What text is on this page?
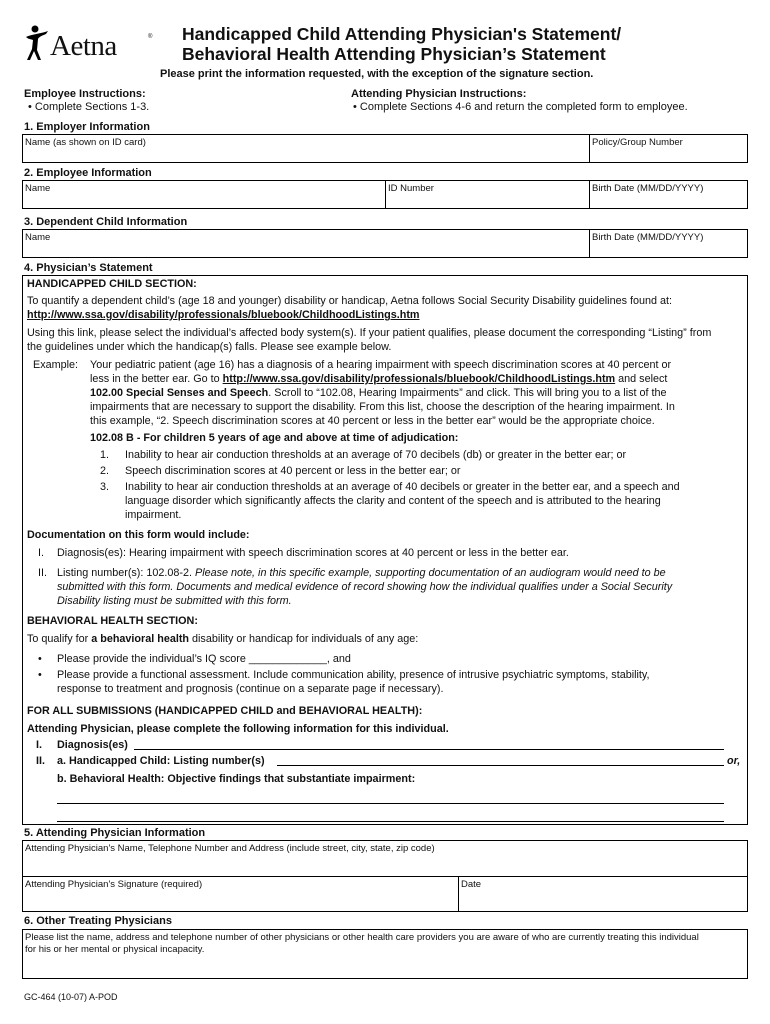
Aetna	® Handicapped Child Attending Physician's Statement/
Behavioral Health Attending Physician’s Statement
Please print the information requested, with the exception of the signature section.
Employee Instructions:
• Complete Sections 1-3.
Attending Physician Instructions:
• Complete Sections 4-6 and return the completed form to employee.
1. Employer Information
Name (as shown on ID card)	Policy/Group Number
2. Employee Information
Name	ID Number	Birth Date (MM/DD/YYYY)
3. Dependent Child Information
Name	Birth Date (MM/DD/YYYY)
4. Physician’s Statement
HANDICAPPED CHILD SECTION:
To quantify a dependent child’s (age 18 and younger) disability or handicap, Aetna follows Social Security Disability guidelines found at:
http://www.ssa.gov/disability/professionals/bluebook/ChildhoodListings.htm
Using this link, please select the individual’s affected body system(s). If your patient qualifies, please document the corresponding “Listing” from
the guidelines under which the handicap(s) falls. Please see example below.
Example: Your pediatric patient (age 16) has a diagnosis of a hearing impairment with speech discrimination scores at 40 percent or
less in the better ear. Go to http://www.ssa.gov/disability/professionals/bluebook/ChildhoodListings.htm and select
102.00 Special Senses and Speech. Scroll to “102.08, Hearing Impairments” and click. This will bring you to a list of the
impairments that are necessary to support the disability. From this list, choose the description of the hearing impairment. In
this example, “2. Speech discrimination scores at 40 percent or less in the better ear” would be the appropriate choice.
102.08 B - For children 5 years of age and above at time of adjudication:
1. Inability to hear air conduction thresholds at an average of 70 decibels (db) or greater in the better ear; or
2. Speech discrimination scores at 40 percent or less in the better ear; or
3. Inability to hear air conduction thresholds at an average of 40 decibels or greater in the better ear, and a speech and
language disorder which significantly affects the clarity and content of the speech and is attributed to the hearing
impairment.
Documentation on this form would include:
I. Diagnosis(es): Hearing impairment with speech discrimination scores at 40 percent or less in the better ear.
II. Listing number(s): 102.08-2. Please note, in this specific example, supporting documentation of an audiogram would need to be
submitted with this form. Documents and medical evidence of record showing how the individual qualifies under a Social Security
Disability listing must be submitted with this form.
BEHAVIORAL HEALTH SECTION:
To qualify for a behavioral health disability or handicap for individuals of any age:
• Please provide the individual’s IQ score _____________, and
• Please provide a functional assessment. Include communication ability, presence of intrusive psychiatric symptoms, stability,
response to treatment and prognosis (continue on a separate page if necessary).
FOR ALL SUBMISSIONS (HANDICAPPED CHILD and BEHAVIORAL HEALTH):
Attending Physician, please complete the following information for this individual.
I. Diagnosis(es)
II. a. Handicapped Child: Listing number(s)	or,
b. Behavioral Health: Objective findings that substantiate impairment:
5. Attending Physician Information
Attending Physician's Name, Telephone Number and Address (include street, city, state, zip code)
Attending Physician's Signature (required)	Date
6. Other Treating Physicians
Please list the name, address and telephone number of other physicians or other health care providers you are aware of who are currently treating this individual
for his or her mental or physical incapacity.
GC-464 (10-07) A-POD
